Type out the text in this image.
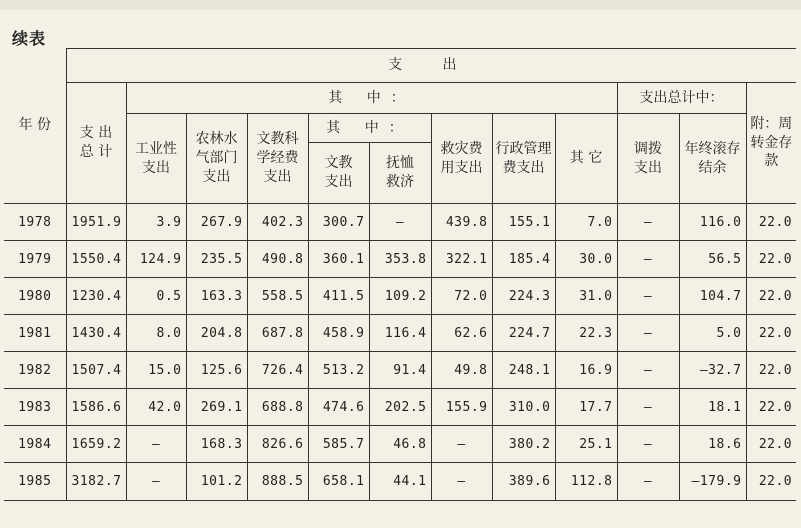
续表
年 份	支 出											
	支 出 总 计	其 中：								支出总计中：		附：周转金存款
		工业性支出	农林水气部门支出	文教科学经费支出	其 中：		救灾费用支出	行政管理费支出	其 它	调拨支出	年终滚存结余	
					文教支出	抚恤救济						
1978	1951.9	3.9	267.9	402.3	300.7	—	439.8	155.1	7.0	—	116.0	22.0
1979	1550.4	124.9	235.5	490.8	360.1	353.8	322.1	185.4	30.0	—	56.5	22.0
1980	1230.4	0.5	163.3	558.5	411.5	109.2	72.0	224.3	31.0	—	104.7	22.0
1981	1430.4	8.0	204.8	687.8	458.9	116.4	62.6	224.7	22.3	—	5.0	22.0
1982	1507.4	15.0	125.6	726.4	513.2	91.4	49.8	248.1	16.9	—	—32.7	22.0
1983	1586.6	42.0	269.1	688.8	474.6	202.5	155.9	310.0	17.7	—	18.1	22.0
1984	1659.2	—	168.3	826.6	585.7	46.8	—	380.2	25.1	—	18.6	22.0
1985	3182.7	—	101.2	888.5	658.1	44.1	—	389.6	112.8	—	—179.9	22.0
